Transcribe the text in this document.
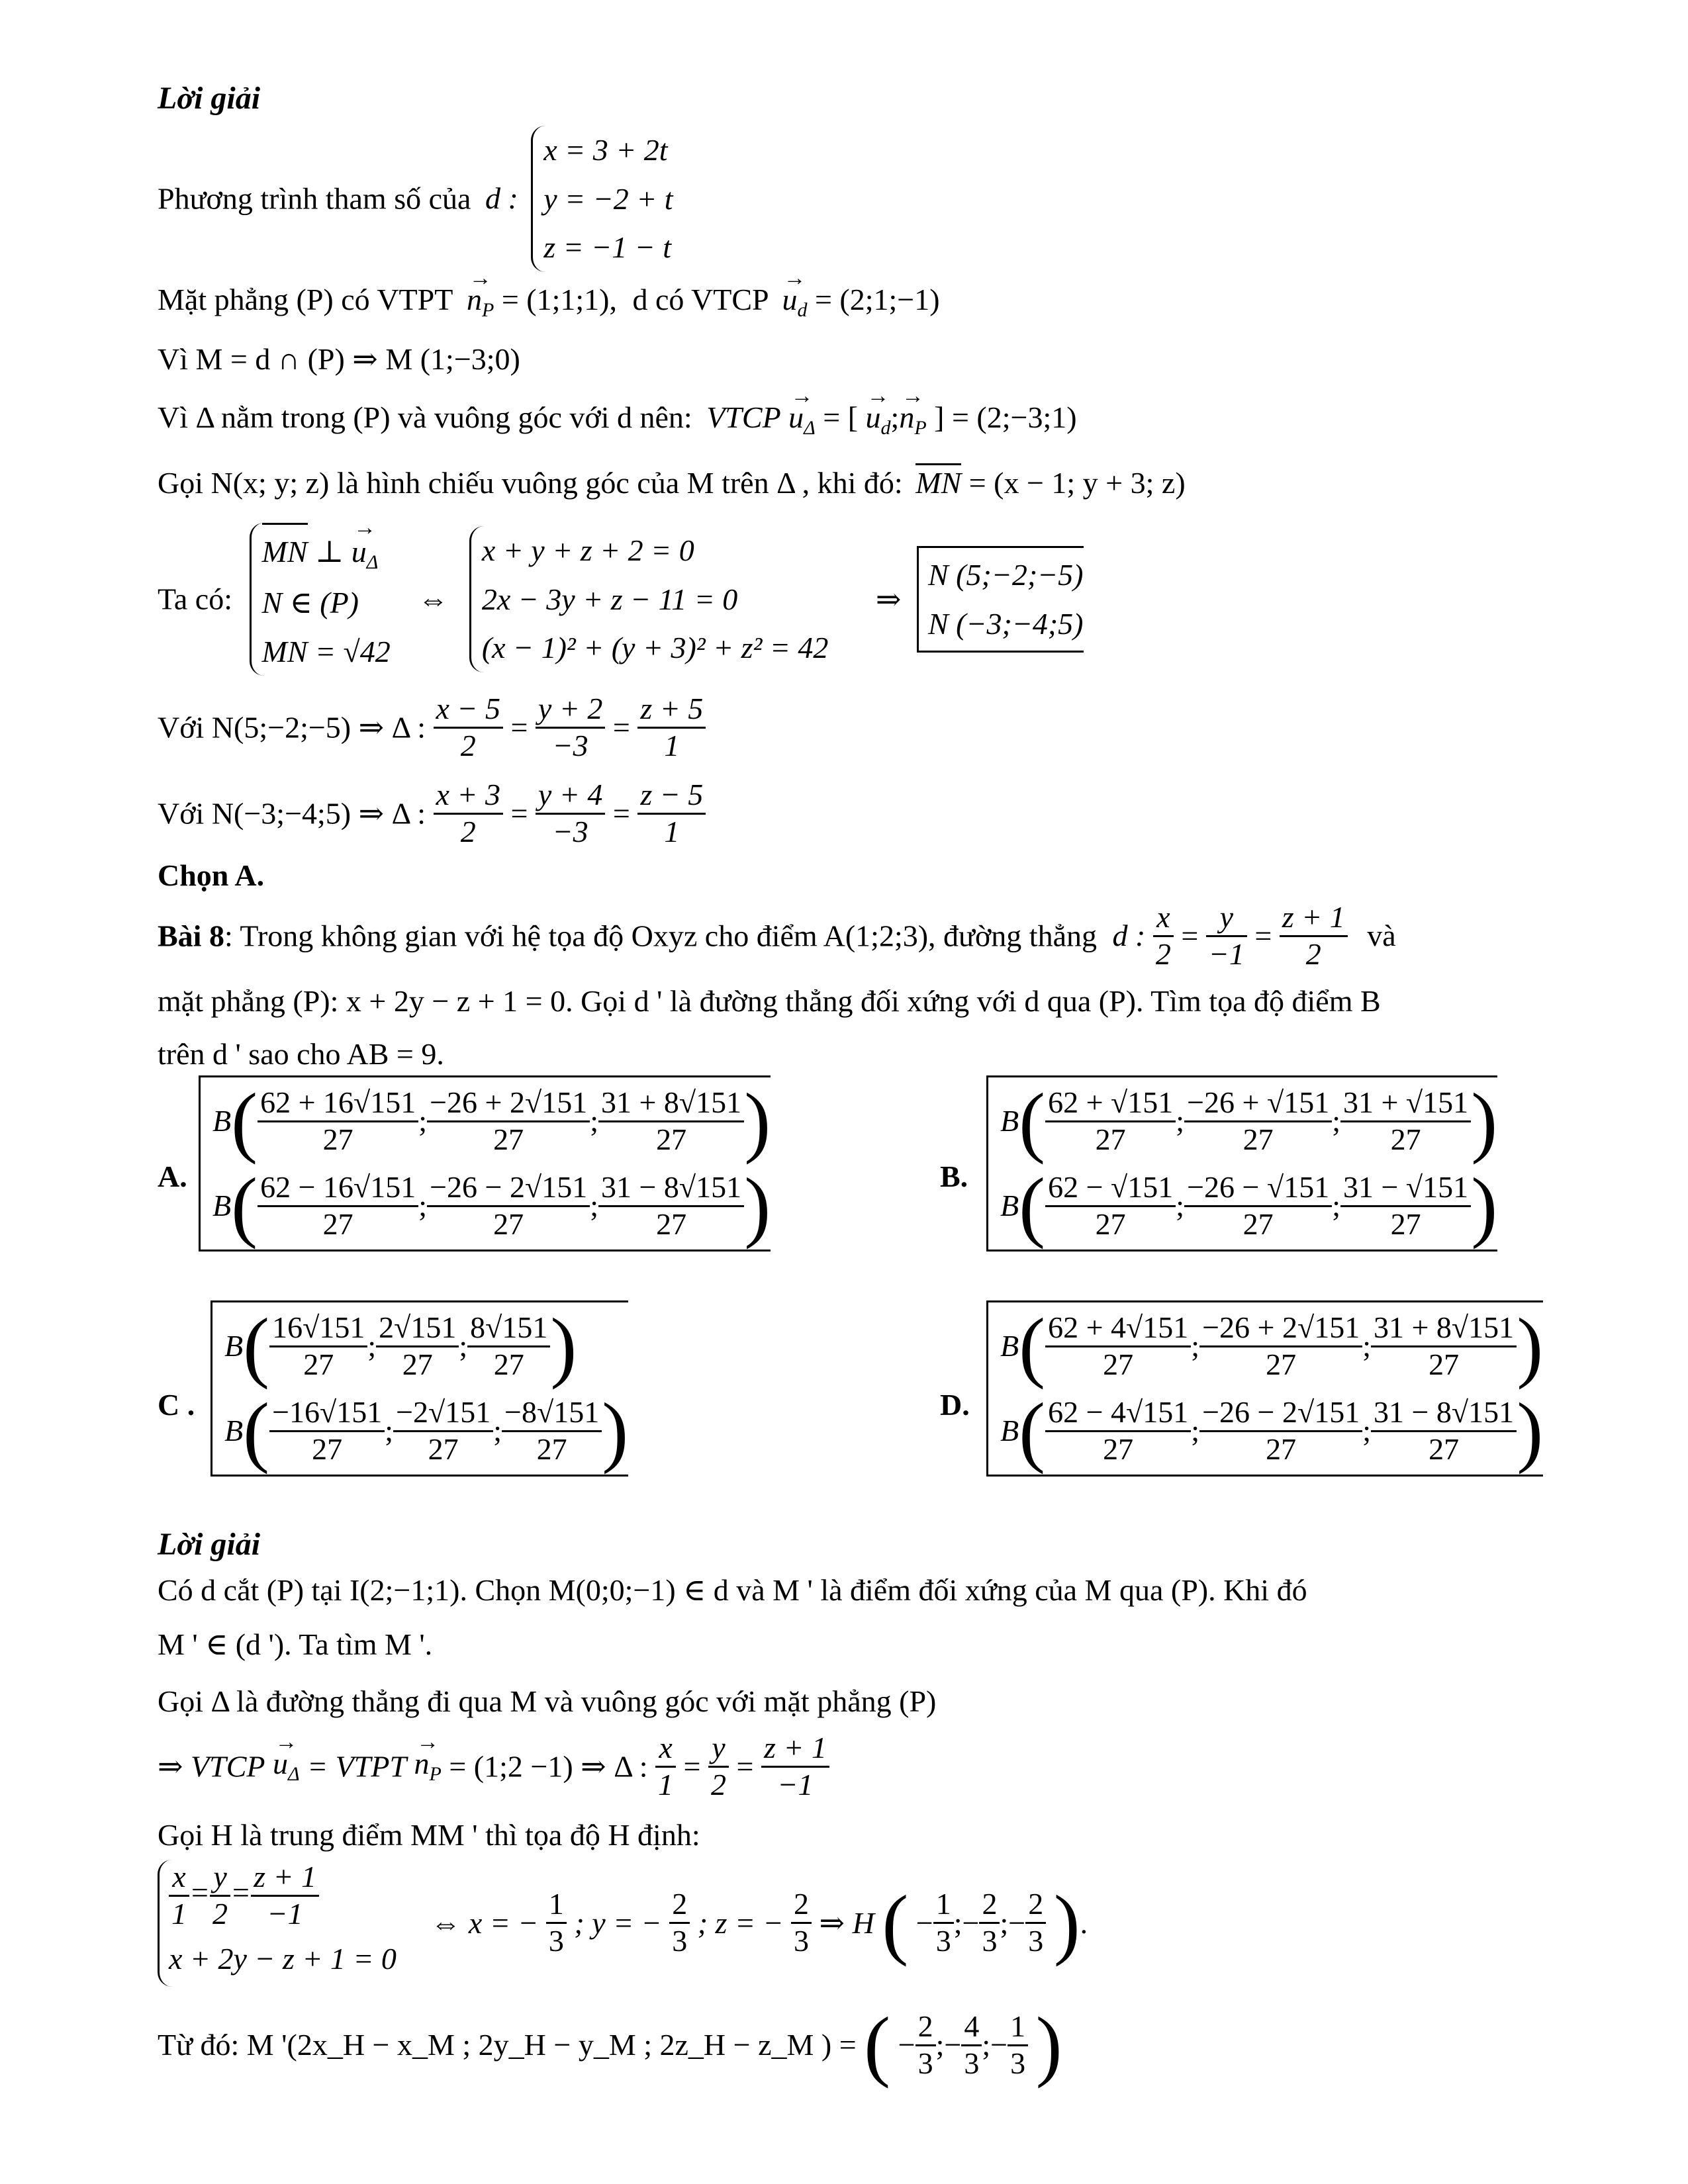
Lời giải
Phương trình tham số của d :
x = 3 + 2t
y = −2 + t
z = −1 − t
Mặt phẳng (P) có VTPT → $n_P$ = (1;1;1), d có VTCP → $u_d$ = (2;1;−1)
Vì M = d ∩ (P) ⇒ M (1;−3;0)
Vì Δ nằm trong (P) và vuông góc với d nên: VTCP → $u_\Delta$ = [ → $u_d;\to n_P$ ] = (2;−3;1)
Gọi N(x; y; z) là hình chiếu vuông góc của M trên Δ , khi đó: MN = (x − 1; y + 3; z)
Ta có:
MN ⊥ → $u_\Delta$
N ∈ (P)
MN = √42
⇔
x + y + z + 2 = 0
2x − 3y + z − 11 = 0
(x − 1)² + (y + 3)² + z² = 42
⇒
N (5;−2;−5)
N (−3;−4;5)
Với N(5;−2;−5) ⇒ Δ : $\frac{x - 5}{2} = \frac{y + 2}{-3} = \frac{z + 5}{1}$
Với N(−3;−4;5) ⇒ Δ : $\frac{x + 3}{2} = \frac{y + 4}{-3} = \frac{z - 5}{1}$
Chọn A.
Bài 8: Trong không gian với hệ tọa độ Oxyz cho điểm A(1;2;3), đường thẳng d : $\frac{x}{2} = \frac{y}{-1} = \frac{z + 1}{2}$ và
mặt phẳng (P): x + 2y − z + 1 = 0. Gọi d ' là đường thẳng đối xứng với d qua (P). Tìm tọa độ điểm B
trên d ' sao cho AB = 9.
A.
B ( $\frac{62 + 16√151}{27}$ ; $\frac{-26 + 2√151}{27}$ ; $\frac{31 + 8√151}{27}$ )
B ( $\frac{62 - 16√151}{27}$ ; $\frac{-26 - 2√151}{27}$ ; $\frac{31 - 8√151}{27}$ )	B.
B ( $\frac{62 + √151}{27}$ ; $\frac{-26 + √151}{27}$ ; $\frac{31 + √151}{27}$ )
B ( $\frac{62 - √151}{27}$ ; $\frac{-26 - √151}{27}$ ; $\frac{31 - √151}{27}$ )
C .
B ( $\frac{16√151}{27}$ ; $\frac{2√151}{27}$ ; $\frac{8√151}{27}$ )
B ( $\frac{-16√151}{27}$ ; $\frac{-2√151}{27}$ ; $\frac{-8√151}{27}$ )	D.
B ( $\frac{62 + 4√151}{27}$ ; $\frac{-26 + 2√151}{27}$ ; $\frac{31 + 8√151}{27}$ )
B ( $\frac{62 - 4√151}{27}$ ; $\frac{-26 - 2√151}{27}$ ; $\frac{31 - 8√151}{27}$ )
Lời giải
Có d cắt (P) tại I(2;−1;1). Chọn M(0;0;−1) ∈ d và M ' là điểm đối xứng của M qua (P). Khi đó
M ' ∈ (d '). Ta tìm M '.
Gọi Δ là đường thẳng đi qua M và vuông góc với mặt phẳng (P)
⇒ VTCP → $u_\Delta$ = VTPT → $n_P$ = (1;2 −1) ⇒ Δ : $\frac{x}{1} = \frac{y}{2} = \frac{z + 1}{-1}$
Gọi H là trung điểm MM ' thì tọa độ H định:
$\frac{x}{1} = \frac{y}{2} = \frac{z + 1}{-1}$
x + 2y − z + 1 = 0
⇔ x = − $\frac{1}{3}$ ; y = − $\frac{2}{3}$ ; z = − $\frac{2}{3}$ ⇒ H ( − $\frac{1}{3}$ ;− $\frac{2}{3}$ ;− $\frac{2}{3}$ ).
Từ đó: M '(2x_H − x_M ; 2y_H − y_M ; 2z_H − z_M ) = ( − $\frac{2}{3}$ ;− $\frac{4}{3}$ ;− $\frac{1}{3}$ )
